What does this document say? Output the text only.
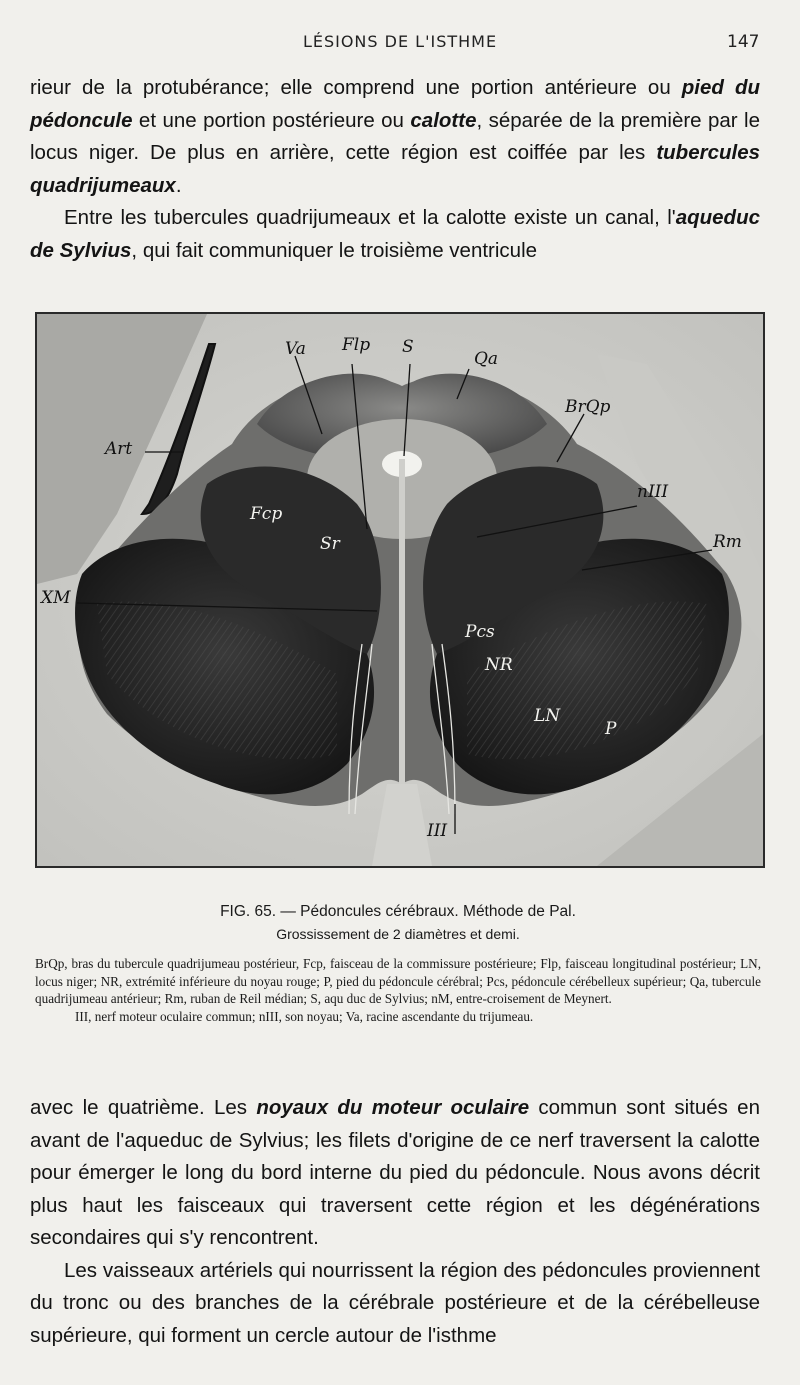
LÉSIONS DE L'ISTHME	147

rieur de la protubérance; elle comprend une portion antérieure ou pied du pédoncule et une portion postérieure ou calotte, séparée de la première par le locus niger. De plus en arrière, cette région est coiffée par les tubercules quadrijumeaux.

Entre les tubercules quadrijumeaux et la calotte existe un canal, l'aqueduc de Sylvius, qui fait communiquer le troisième ventricule

Va Flp S
Qa
BrQp
Art
Fcp
Sr
nIII
Rm
XM
Pcs
NR
LN
P
III

FIG. 65. — Pédoncules cérébraux. Méthode de Pal.

Grossissement de 2 diamètres et demi.

BrQp, bras du tubercule quadrijumeau postérieur, Fcp, faisceau de la commissure postérieure; Flp, faisceau longitudinal postérieur; LN, locus niger; NR, extrémité inférieure du noyau rouge; P, pied du pédoncule cérébral; Pcs, pédoncule cérébelleux supérieur; Qa, tubercule quadrijumeau antérieur; Rm, ruban de Reil médian; S, aqu duc de Sylvius; nM, entre-croisement de Meynert.

III, nerf moteur oculaire commun; nIII, son noyau; Va, racine ascendante du trijumeau.

avec le quatrième. Les noyaux du moteur oculaire commun sont situés en avant de l'aqueduc de Sylvius; les filets d'origine de ce nerf traversent la calotte pour émerger le long du bord interne du pied du pédoncule. Nous avons décrit plus haut les faisceaux qui traversent cette région et les dégénérations secondaires qui s'y rencontrent.

Les vaisseaux artériels qui nourrissent la région des pédoncules proviennent du tronc ou des branches de la cérébrale postérieure et de la cérébelleuse supérieure, qui forment un cercle autour de l'isthme
